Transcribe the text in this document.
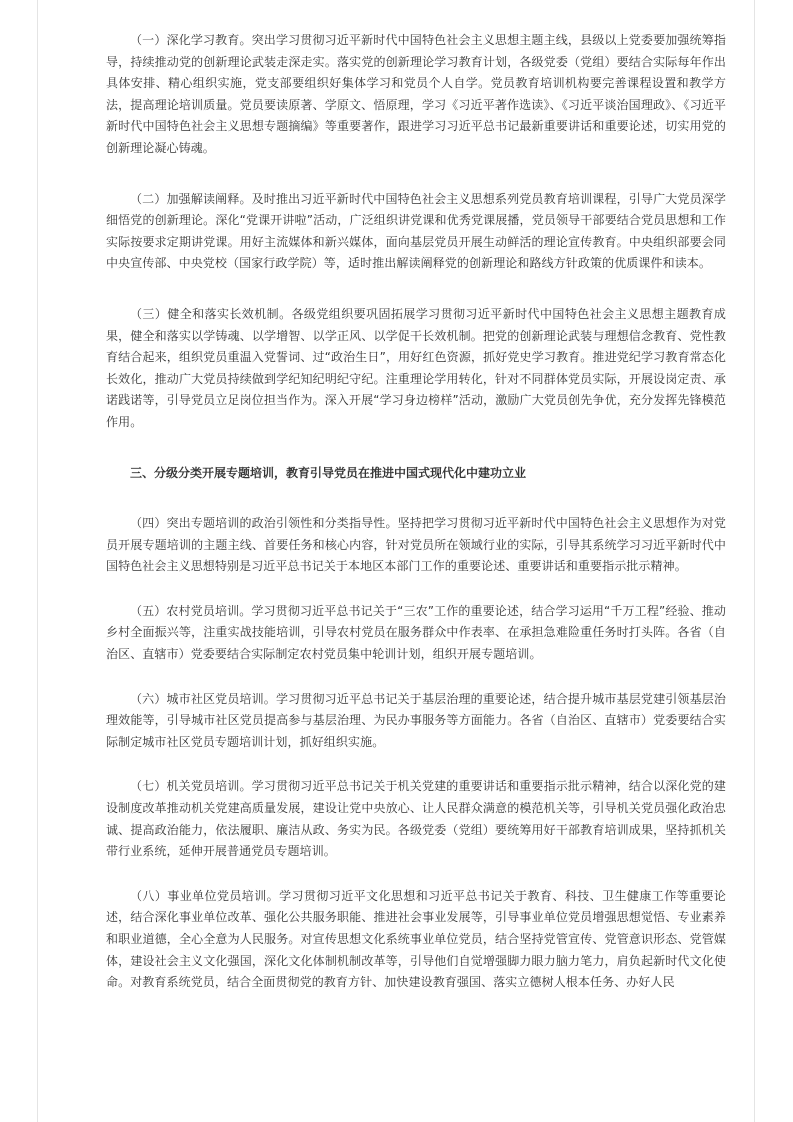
（一）深化学习教育。突出学习贯彻习近平新时代中国特色社会主义思想主题主线，县级以上党委要加强统筹指导，持续推动党的创新理论武装走深走实。落实党的创新理论学习教育计划，各级党委（党组）要结合实际每年作出具体安排、精心组织实施，党支部要组织好集体学习和党员个人自学。党员教育培训机构要完善课程设置和教学方法，提高理论培训质量。党员要读原著、学原文、悟原理，学习《习近平著作选读》、《习近平谈治国理政》、《习近平新时代中国特色社会主义思想专题摘编》等重要著作，跟进学习习近平总书记最新重要讲话和重要论述，切实用党的创新理论凝心铸魂。

（二）加强解读阐释。及时推出习近平新时代中国特色社会主义思想系列党员教育培训课程，引导广大党员深学细悟党的创新理论。深化“党课开讲啦”活动，广泛组织讲党课和优秀党课展播，党员领导干部要结合党员思想和工作实际按要求定期讲党课。用好主流媒体和新兴媒体，面向基层党员开展生动鲜活的理论宣传教育。中央组织部要会同中央宣传部、中央党校（国家行政学院）等，适时推出解读阐释党的创新理论和路线方针政策的优质课件和读本。

（三）健全和落实长效机制。各级党组织要巩固拓展学习贯彻习近平新时代中国特色社会主义思想主题教育成果，健全和落实以学铸魂、以学增智、以学正风、以学促干长效机制。把党的创新理论武装与理想信念教育、党性教育结合起来，组织党员重温入党誓词、过“政治生日”，用好红色资源，抓好党史学习教育。推进党纪学习教育常态化长效化，推动广大党员持续做到学纪知纪明纪守纪。注重理论学用转化，针对不同群体党员实际，开展设岗定责、承诺践诺等，引导党员立足岗位担当作为。深入开展“学习身边榜样”活动，激励广大党员创先争优，充分发挥先锋模范作用。

三、分级分类开展专题培训，教育引导党员在推进中国式现代化中建功立业

（四）突出专题培训的政治引领性和分类指导性。坚持把学习贯彻习近平新时代中国特色社会主义思想作为对党员开展专题培训的主题主线、首要任务和核心内容，针对党员所在领域行业的实际，引导其系统学习习近平新时代中国特色社会主义思想特别是习近平总书记关于本地区本部门工作的重要论述、重要讲话和重要指示批示精神。

（五）农村党员培训。学习贯彻习近平总书记关于“三农”工作的重要论述，结合学习运用“千万工程”经验、推动乡村全面振兴等，注重实战技能培训，引导农村党员在服务群众中作表率、在承担急难险重任务时打头阵。各省（自治区、直辖市）党委要结合实际制定农村党员集中轮训计划，组织开展专题培训。

（六）城市社区党员培训。学习贯彻习近平总书记关于基层治理的重要论述，结合提升城市基层党建引领基层治理效能等，引导城市社区党员提高参与基层治理、为民办事服务等方面能力。各省（自治区、直辖市）党委要结合实际制定城市社区党员专题培训计划，抓好组织实施。

（七）机关党员培训。学习贯彻习近平总书记关于机关党建的重要讲话和重要指示批示精神，结合以深化党的建设制度改革推动机关党建高质量发展，建设让党中央放心、让人民群众满意的模范机关等，引导机关党员强化政治忠诚、提高政治能力，依法履职、廉洁从政、务实为民。各级党委（党组）要统筹用好干部教育培训成果，坚持抓机关带行业系统，延伸开展普通党员专题培训。

（八）事业单位党员培训。学习贯彻习近平文化思想和习近平总书记关于教育、科技、卫生健康工作等重要论述，结合深化事业单位改革、强化公共服务职能、推进社会事业发展等，引导事业单位党员增强思想觉悟、专业素养和职业道德，全心全意为人民服务。对宣传思想文化系统事业单位党员，结合坚持党管宣传、党管意识形态、党管媒体，建设社会主义文化强国，深化文化体制机制改革等，引导他们自觉增强脚力眼力脑力笔力，肩负起新时代文化使命。对教育系统党员，结合全面贯彻党的教育方针、加快建设教育强国、落实立德树人根本任务、办好人民
